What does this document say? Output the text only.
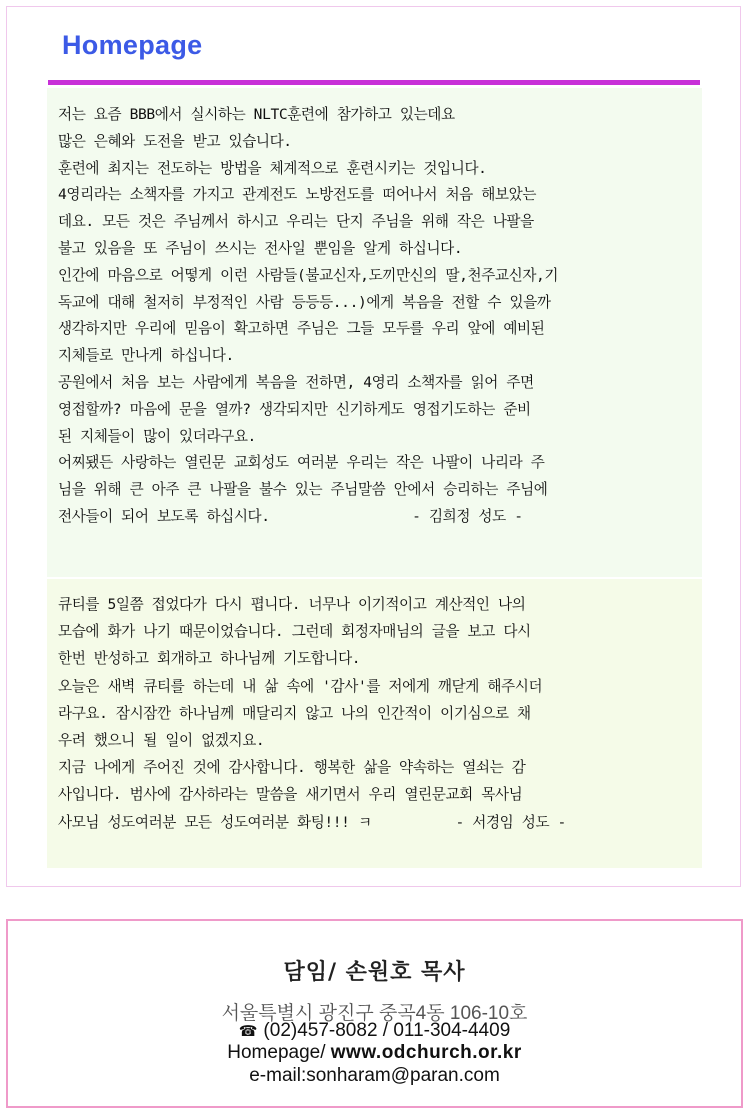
Homepage

저는 요즘 BBB에서 실시하는 NLTC훈련에 참가하고 있는데요

많은 은혜와 도전을 받고 있습니다.

훈련에 최지는 전도하는 방법을 체계적으로 훈련시키는 것입니다.

4영리라는 소책자를 가지고 관계전도 노방전도를 떠어나서 처음 해보았는

데요. 모든 것은 주님께서 하시고 우리는 단지 주님을 위해 작은 나팔을

불고 있음을 또 주님이 쓰시는 전사일 뿐임을 알게 하십니다.

인간에 마음으로 어떻게 이런 사람들(불교신자,도끼만신의 딸,천주교신자,기

독교에 대해 철저히 부정적인 사람 등등등...)에게 복음을 전할 수 있을까

생각하지만 우리에 믿음이 확고하면 주님은 그들 모두를 우리 앞에 예비된

지체들로 만나게 하십니다.

공원에서 처음 보는 사람에게 복음을 전하면, 4영리 소책자를 읽어 주면

영접할까? 마음에 문을 열까? 생각되지만 신기하게도 영접기도하는 준비

된 지체들이 많이 있더라구요.

어찌됐든 사랑하는 열린문 교회성도 여러분 우리는 작은 나팔이 나리라 주

님을 위해 큰 아주 큰 나팔을 불수 있는 주님말씀 안에서 승리하는 주님에

전사들이 되어 보도록 하십시다.                 - 김희정 성도 -

큐티를 5일쯤 접었다가 다시 폅니다. 너무나 이기적이고 계산적인 나의

모습에 화가 나기 때문이었습니다. 그런데 회정자매님의 글을 보고 다시

한번 반성하고 회개하고 하나님께 기도합니다.

오늘은 새벽 큐티를 하는데 내 삶 속에 '감사'를 저에게 깨닫게 해주시더

라구요. 잠시잠깐 하나님께 매달리지 않고 나의 인간적이 이기심으로 채

우려 했으니 될 일이 없겠지요.

지금 나에게 주어진 것에 감사합니다. 행복한 삶을 약속하는 열쇠는 감

사입니다. 범사에 감사하라는 말씀을 새기면서 우리 열린문교회 목사님

사모님 성도여러분 모든 성도여러분 화팅!!! ㅋ          - 서경임 성도 -

담임/ 손원호 목사
서울특별시 광진구 중곡4동 106-10호
☎ (02)457-8082 / 011-304-4409
Homepage/ www.odchurch.or.kr
e-mail:sonharam@paran.com
